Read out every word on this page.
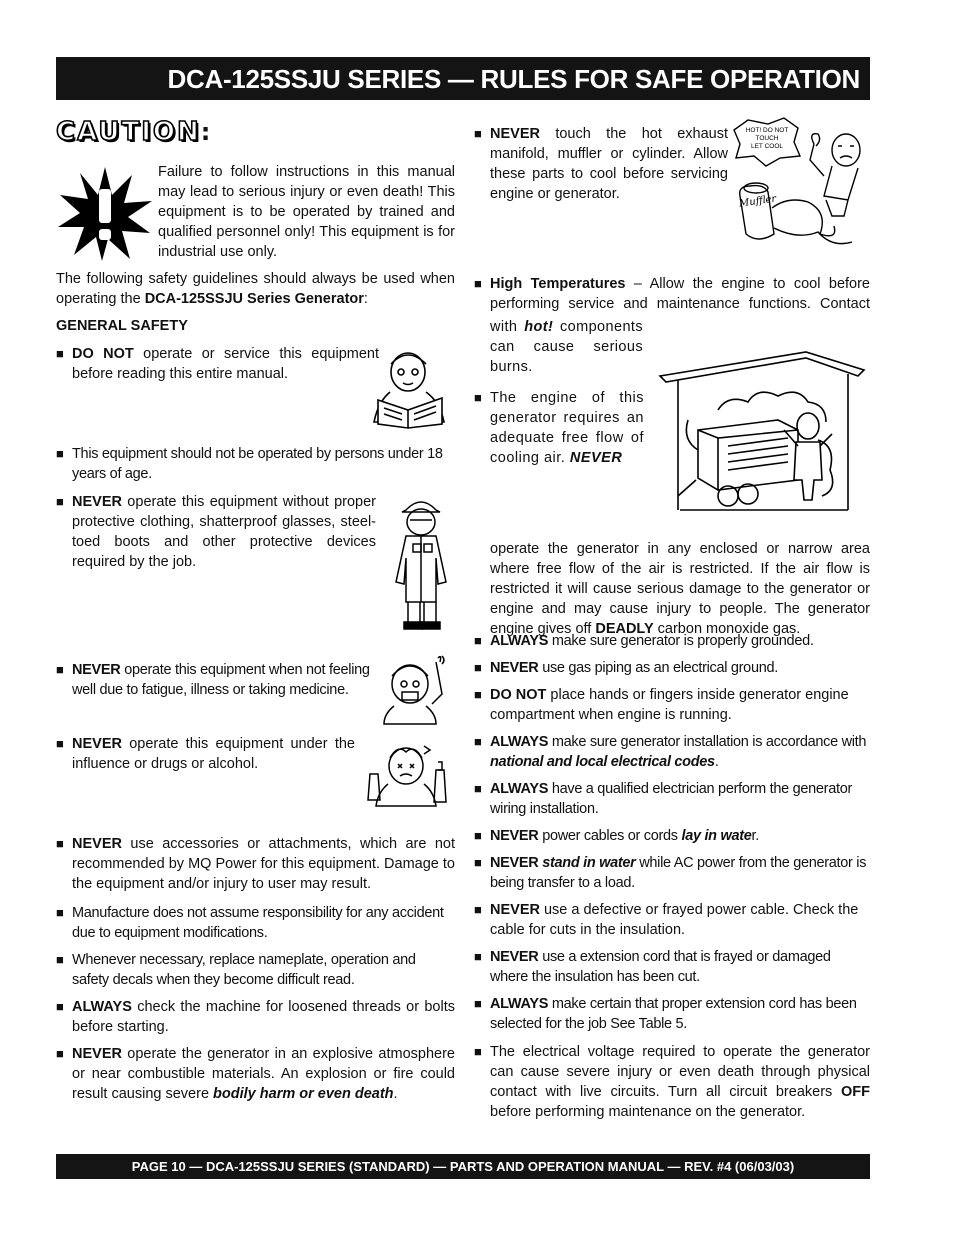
DCA-125SSJU SERIES — RULES FOR SAFE OPERATION
CAUTION:
Failure to follow instructions in this manual may lead to serious injury or even death! This equipment is to be operated by trained and qualified personnel only! This equipment is for industrial use only.
The following safety guidelines should always be used when operating the DCA-125SSJU Series Generator:
GENERAL SAFETY
■ DO NOT operate or service this equipment before reading this entire manual.
■ This equipment should not be operated by persons under 18 years of age.
■ NEVER operate this equipment without proper protective clothing, shatterproof glasses, steel-toed boots and other protective devices required by the job.
■ NEVER operate this equipment when not feeling well due to fatigue, illness or taking medicine.
■ NEVER operate this equipment under the influence or drugs or alcohol.
■ NEVER use accessories or attachments, which are not recommended by MQ Power for this equipment. Damage to the equipment and/or injury to user may result.
■ Manufacture does not assume responsibility for any accident due to equipment modifications.
■ Whenever necessary, replace nameplate, operation and safety decals when they become difficult read.
■ ALWAYS check the machine for loosened threads or bolts before starting.
■ NEVER operate the generator in an explosive atmosphere or near combustible materials. An explosion or fire could result causing severe bodily harm or even death.
■ NEVER touch the hot exhaust manifold, muffler or cylinder. Allow these parts to cool before servicing engine or generator.
HOT! DO NOT
TOUCH
LET COOL
Muffler
■ High Temperatures – Allow the engine to cool before performing service and maintenance functions. Contact
with hot! components can cause serious burns.
■ The engine of this generator requires an adequate free flow of cooling air. NEVER
operate the generator in any enclosed or narrow area where free flow of the air is restricted. If the air flow is restricted it will cause serious damage to the generator or engine and may cause injury to people. The generator engine gives off DEADLY carbon monoxide gas.
■ ALWAYS make sure generator is properly grounded.
■ NEVER use gas piping as an electrical ground.
■ DO NOT place hands or fingers inside generator engine compartment when engine is running.
■ ALWAYS make sure generator installation is accordance with national and local electrical codes.
■ ALWAYS have a qualified electrician perform the generator wiring installation.
■ NEVER power cables or cords lay in water.
■ NEVER stand in water while AC power from the generator is being transfer to a load.
■ NEVER use a defective or frayed power cable. Check the cable for cuts in the insulation.
■ NEVER use a extension cord that is frayed or damaged where the insulation has been cut.
■ ALWAYS make certain that proper extension cord has been selected for the job See Table 5.
■ The electrical voltage required to operate the generator can cause severe injury or even death through physical contact with live circuits. Turn all circuit breakers OFF before performing maintenance on the generator.
PAGE 10 — DCA-125SSJU SERIES (STANDARD) — PARTS AND OPERATION MANUAL — REV. #4 (06/03/03)
